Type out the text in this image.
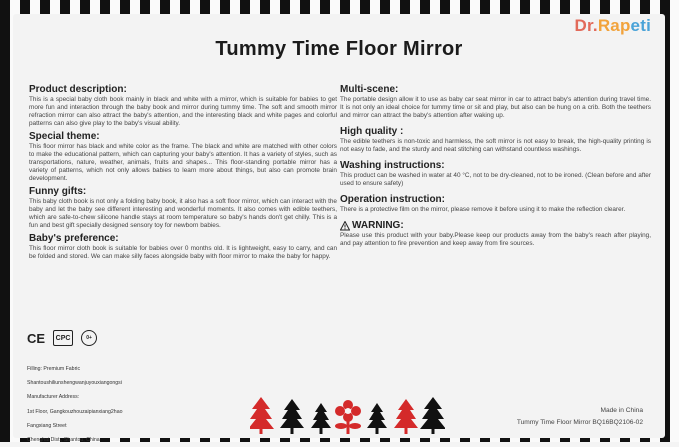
Dr.Rapeti
Tummy Time Floor Mirror
Product description:

This is a special baby cloth book mainly in black and white with a mirror, which is suitable for babies to get more fun and interaction through the baby book and mirror during tummy time. The soft and smooth mirror refraction mirror can also attract the baby's attention, and the interesting black and white pages and colorful patterns can also give play to the baby's visual ability.

Special theme:

This floor mirror has black and white color as the frame. The black and white are matched with other colors to make the educational pattern, which can capturing your baby's attention. It has a variety of styles, such as transportations, nature, weather, animals, fruits and shapes... This floor-standing portable mirror has a variety of patterns, which not only allows babies to learn more about things, but also can promote brain development.

Funny gifts:

This baby cloth book is not only a folding baby book, it also has a soft floor mirror, which can interact with the baby and let the baby see different interesting and wonderful moments. It also comes with edible teethers, which are safe-to-chew silicone handle stays at room temperature so baby's hands don't get chilly. This is a fun and best gift specially designed sensory toy for newborn babies.

Baby's preference:

This floor mirror cloth book is suitable for babies over 0 months old. It is lightweight, easy to carry, and can be folded and stored. We can make silly faces alongside baby with floor mirror to make the baby for happy.

Multi-scene:

The portable design allow it to use as baby car seat mirror in car to attract baby's attention during travel time. It is not only an ideal choice for tummy time or sit and play, but also can be hung on a crib. Both the teethers and mirror can attract the baby's attention after waking up.

High quality :

The edible teethers is non-toxic and harmless, the soft mirror is not easy to break, the high-quality printing is not easy to fade, and the sturdy and neat stitching can withstand countless washings.

Washing instructions:

This product can be washed in water at 40 °C, not to be dry-cleaned, not to be ironed. (Clean before and after used to ensure safety)

Operation instruction:

There is a protective film on the mirror, please remove it before using it to make the reflection clearer.

WARNING:

Please use this product with your baby.Please keep our products away from the baby's reach after playing, and pay attention to fire prevention and keep away from fire sources.

CE	CPC	0+
Filling: Premium Fabric
Shantoushiliunshengwanjuyouxiangongsi
Manufacturer Address:
1st Floor, Gangkouzhouzaipianxiang2hao
Fangxiang Street
Chenghai Dist., Shantou, China
Made in China
Tummy Time Floor Mirror BQ16BQ2106-02
